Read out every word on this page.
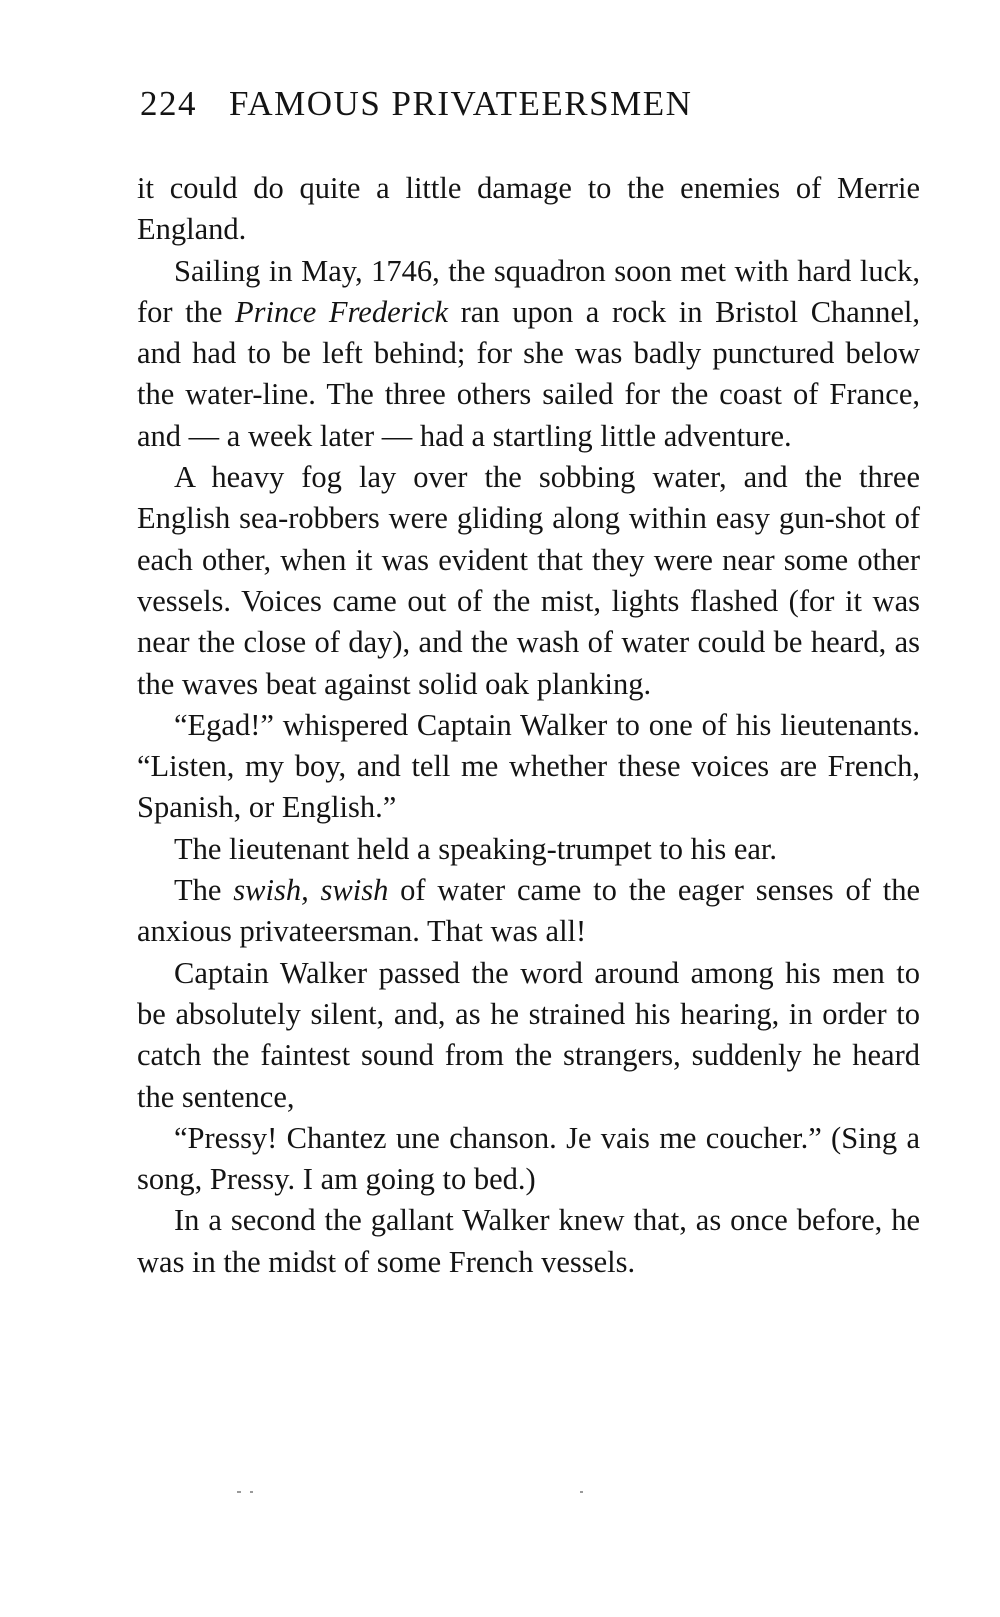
224 FAMOUS PRIVATEERSMEN

it could do quite a little damage to the enemies of Merrie England.

Sailing in May, 1746, the squadron soon met with hard luck, for the Prince Frederick ran upon a rock in Bristol Channel, and had to be left behind; for she was badly punctured below the water-line. The three others sailed for the coast of France, and — a week later — had a startling little adventure.

A heavy fog lay over the sobbing water, and the three English sea-robbers were gliding along within easy gun-shot of each other, when it was evident that they were near some other vessels. Voices came out of the mist, lights flashed (for it was near the close of day), and the wash of water could be heard, as the waves beat against solid oak planking.

“Egad!” whispered Captain Walker to one of his lieutenants. “Listen, my boy, and tell me whether these voices are French, Spanish, or English.”

The lieutenant held a speaking-trumpet to his ear.

The swish, swish of water came to the eager senses of the anxious privateersman. That was all!

Captain Walker passed the word around among his men to be absolutely silent, and, as he strained his hearing, in order to catch the faintest sound from the strangers, suddenly he heard the sentence,

“Pressy! Chantez une chanson. Je vais me coucher.” (Sing a song, Pressy. I am going to bed.)

In a second the gallant Walker knew that, as once before, he was in the midst of some French vessels.
